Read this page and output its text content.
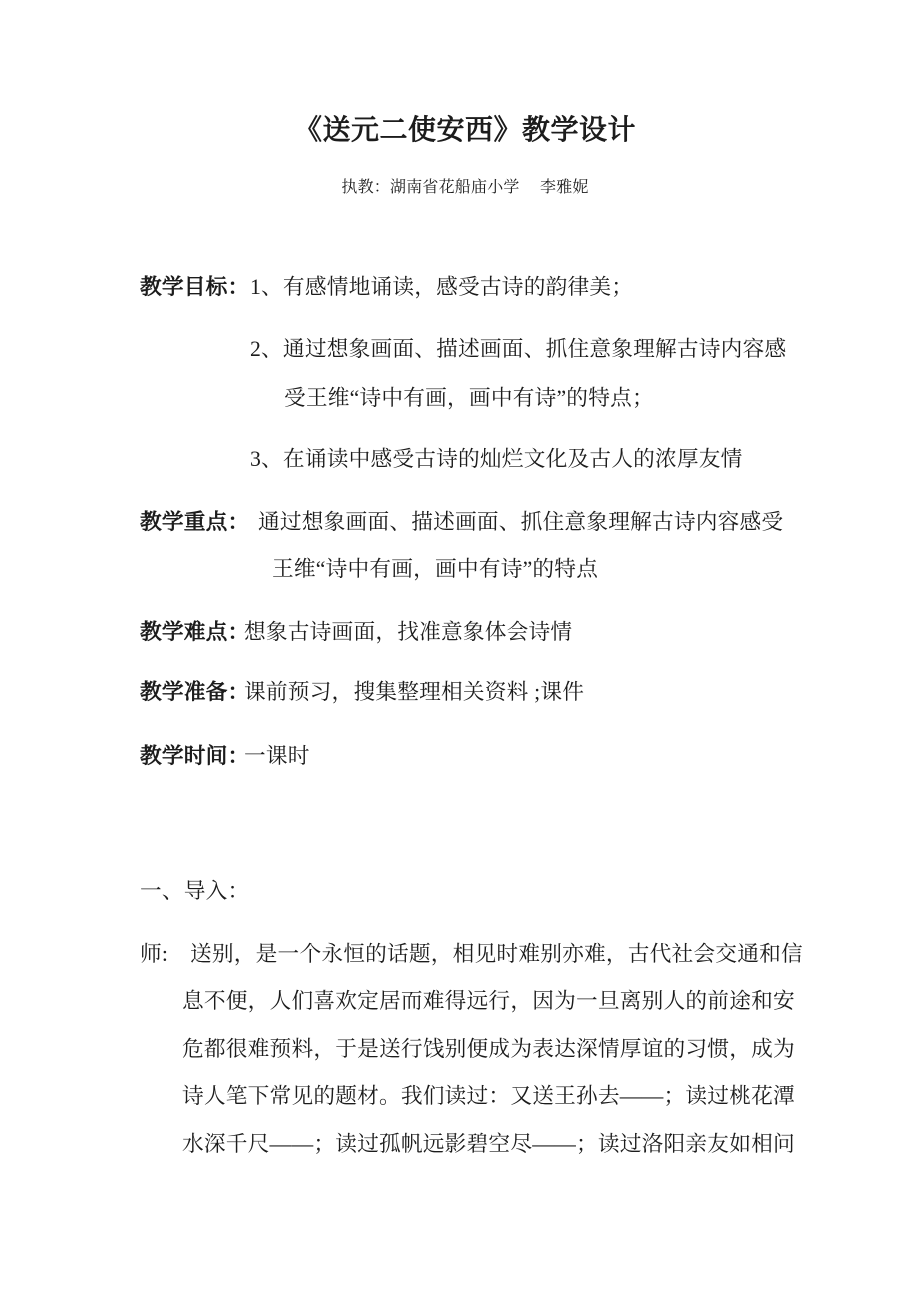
《送元二使安西》教学设计
执教：湖南省花船庙小学　 李雅妮
教学目标： 1、有感情地诵读，感受古诗的韵律美；
2、通过想象画面、描述画面、抓住意象理解古诗内容感
受王维“诗中有画，画中有诗”的特点；
3、在诵读中感受古诗的灿烂文化及古人的浓厚友情
教学重点： 通过想象画面、描述画面、抓住意象理解古诗内容感受
王维“诗中有画，画中有诗”的特点
教学难点：
想象古诗画面，找准意象体会诗情
教学准备：
课前预习，搜集整理相关资料 ;课件
教学时间：
一课时
一、导入：
师: 送别，是一个永恒的话题，相见时难别亦难，古代社会交通和信
息不便，人们喜欢定居而难得远行，因为一旦离别人的前途和安
危都很难预料，于是送行饯别便成为表达深情厚谊的习惯，成为
诗人笔下常见的题材。我们读过：又送王孙去——；读过桃花潭
水深千尺——；读过孤帆远影碧空尽——；读过洛阳亲友如相问
